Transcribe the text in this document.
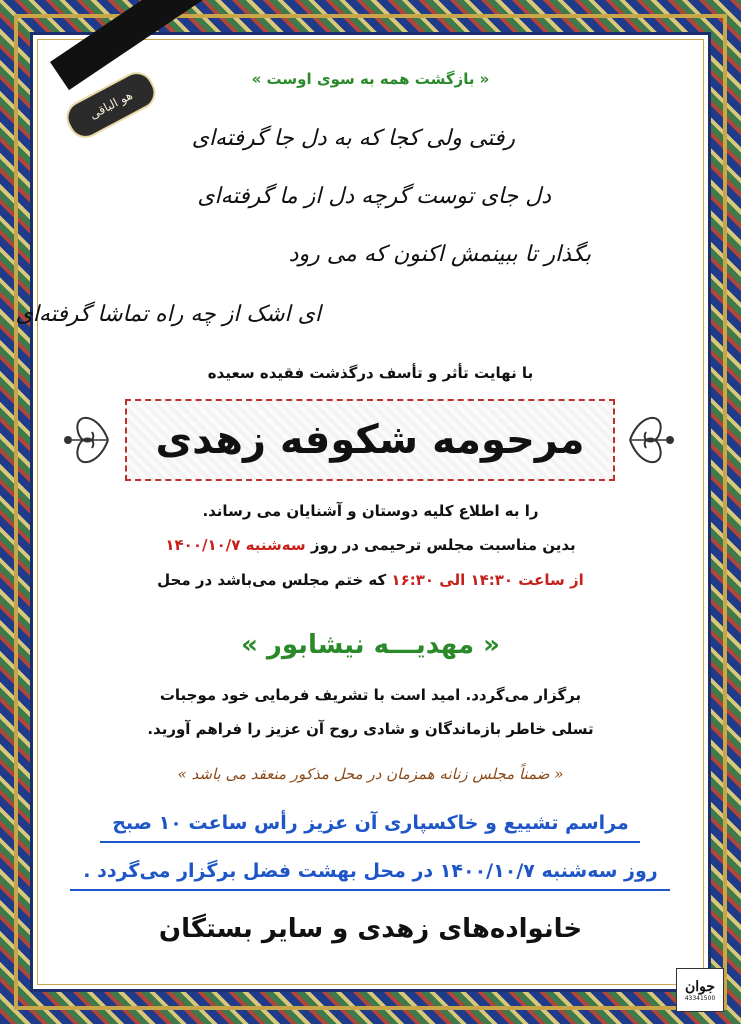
هو الباقی
« بازگشت همه به سوی اوست »
رفتی ولی کجا که به دل جا گرفته‌ای
دل جای توست گرچه دل از ما گرفته‌ای
بگذار تا ببینمش اکنون که می رود
ای اشک از چه راه تماشا گرفته‌ای
با نهایت تأثر و تأسف درگذشت فقیده سعیده
مرحومه شکوفه زهدی
را به اطلاع کلیه دوستان و آشنایان می رساند.
بدین مناسبت مجلس ترحیمی در روز سه‌شنبه ۱۴۰۰/۱۰/۷
از ساعت ۱۴:۳۰ الی ۱۶:۳۰ که ختم مجلس می‌باشد در محل
« مهدیـــه نیشابور »
برگزار می‌گردد. امید است با تشریف فرمایی خود موجبات
تسلی خاطر بازماندگان و شادی روح آن عزیز را فراهم آورید.
« ضمناً مجلس زنانه همزمان در محل مذکور منعقد می باشد »
مراسم تشییع و خاکسپاری آن عزیز رأس ساعت ۱۰ صبح
روز سه‌شنبه ۱۴۰۰/۱۰/۷ در محل بهشت فضل برگزار می‌گردد .
خانواده‌های زهدی و سایر بستگان
جوان
43341500
